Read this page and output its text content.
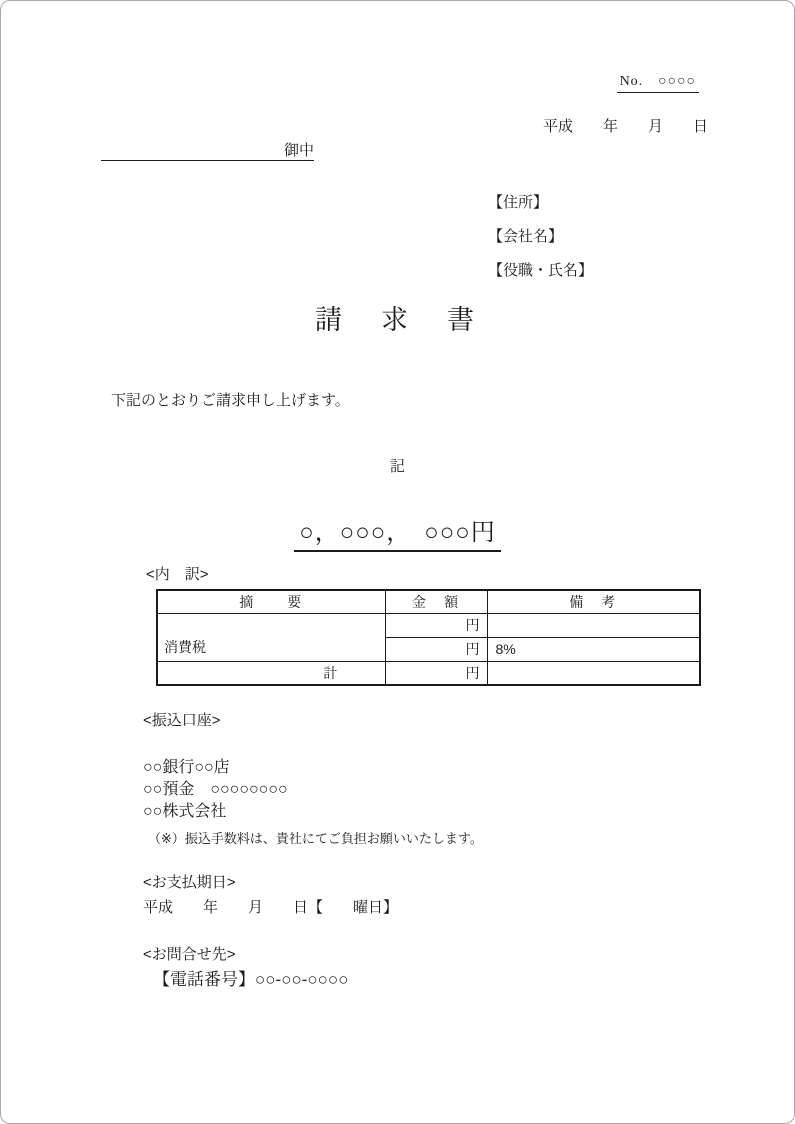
No.　○○○○
平成　　年　　月　　日
御中
【住所】
【会社名】
【役職・氏名】
請　求　書
下記のとおりご請求申し上げます。
記
○，○○○，　○○○円
<内　訳>
摘　　要	金　額	備　考
消費税	円	
	円	8%
計	円	
<振込口座>
○○銀行○○店
○○預金　○○○○○○○○
○○株式会社
（※）振込手数料は、貴社にてご負担お願いいたします。
<お支払期日>
平成　　年　　月　　日【　　曜日】
<お問合せ先>
【電話番号】○○-○○-○○○○
